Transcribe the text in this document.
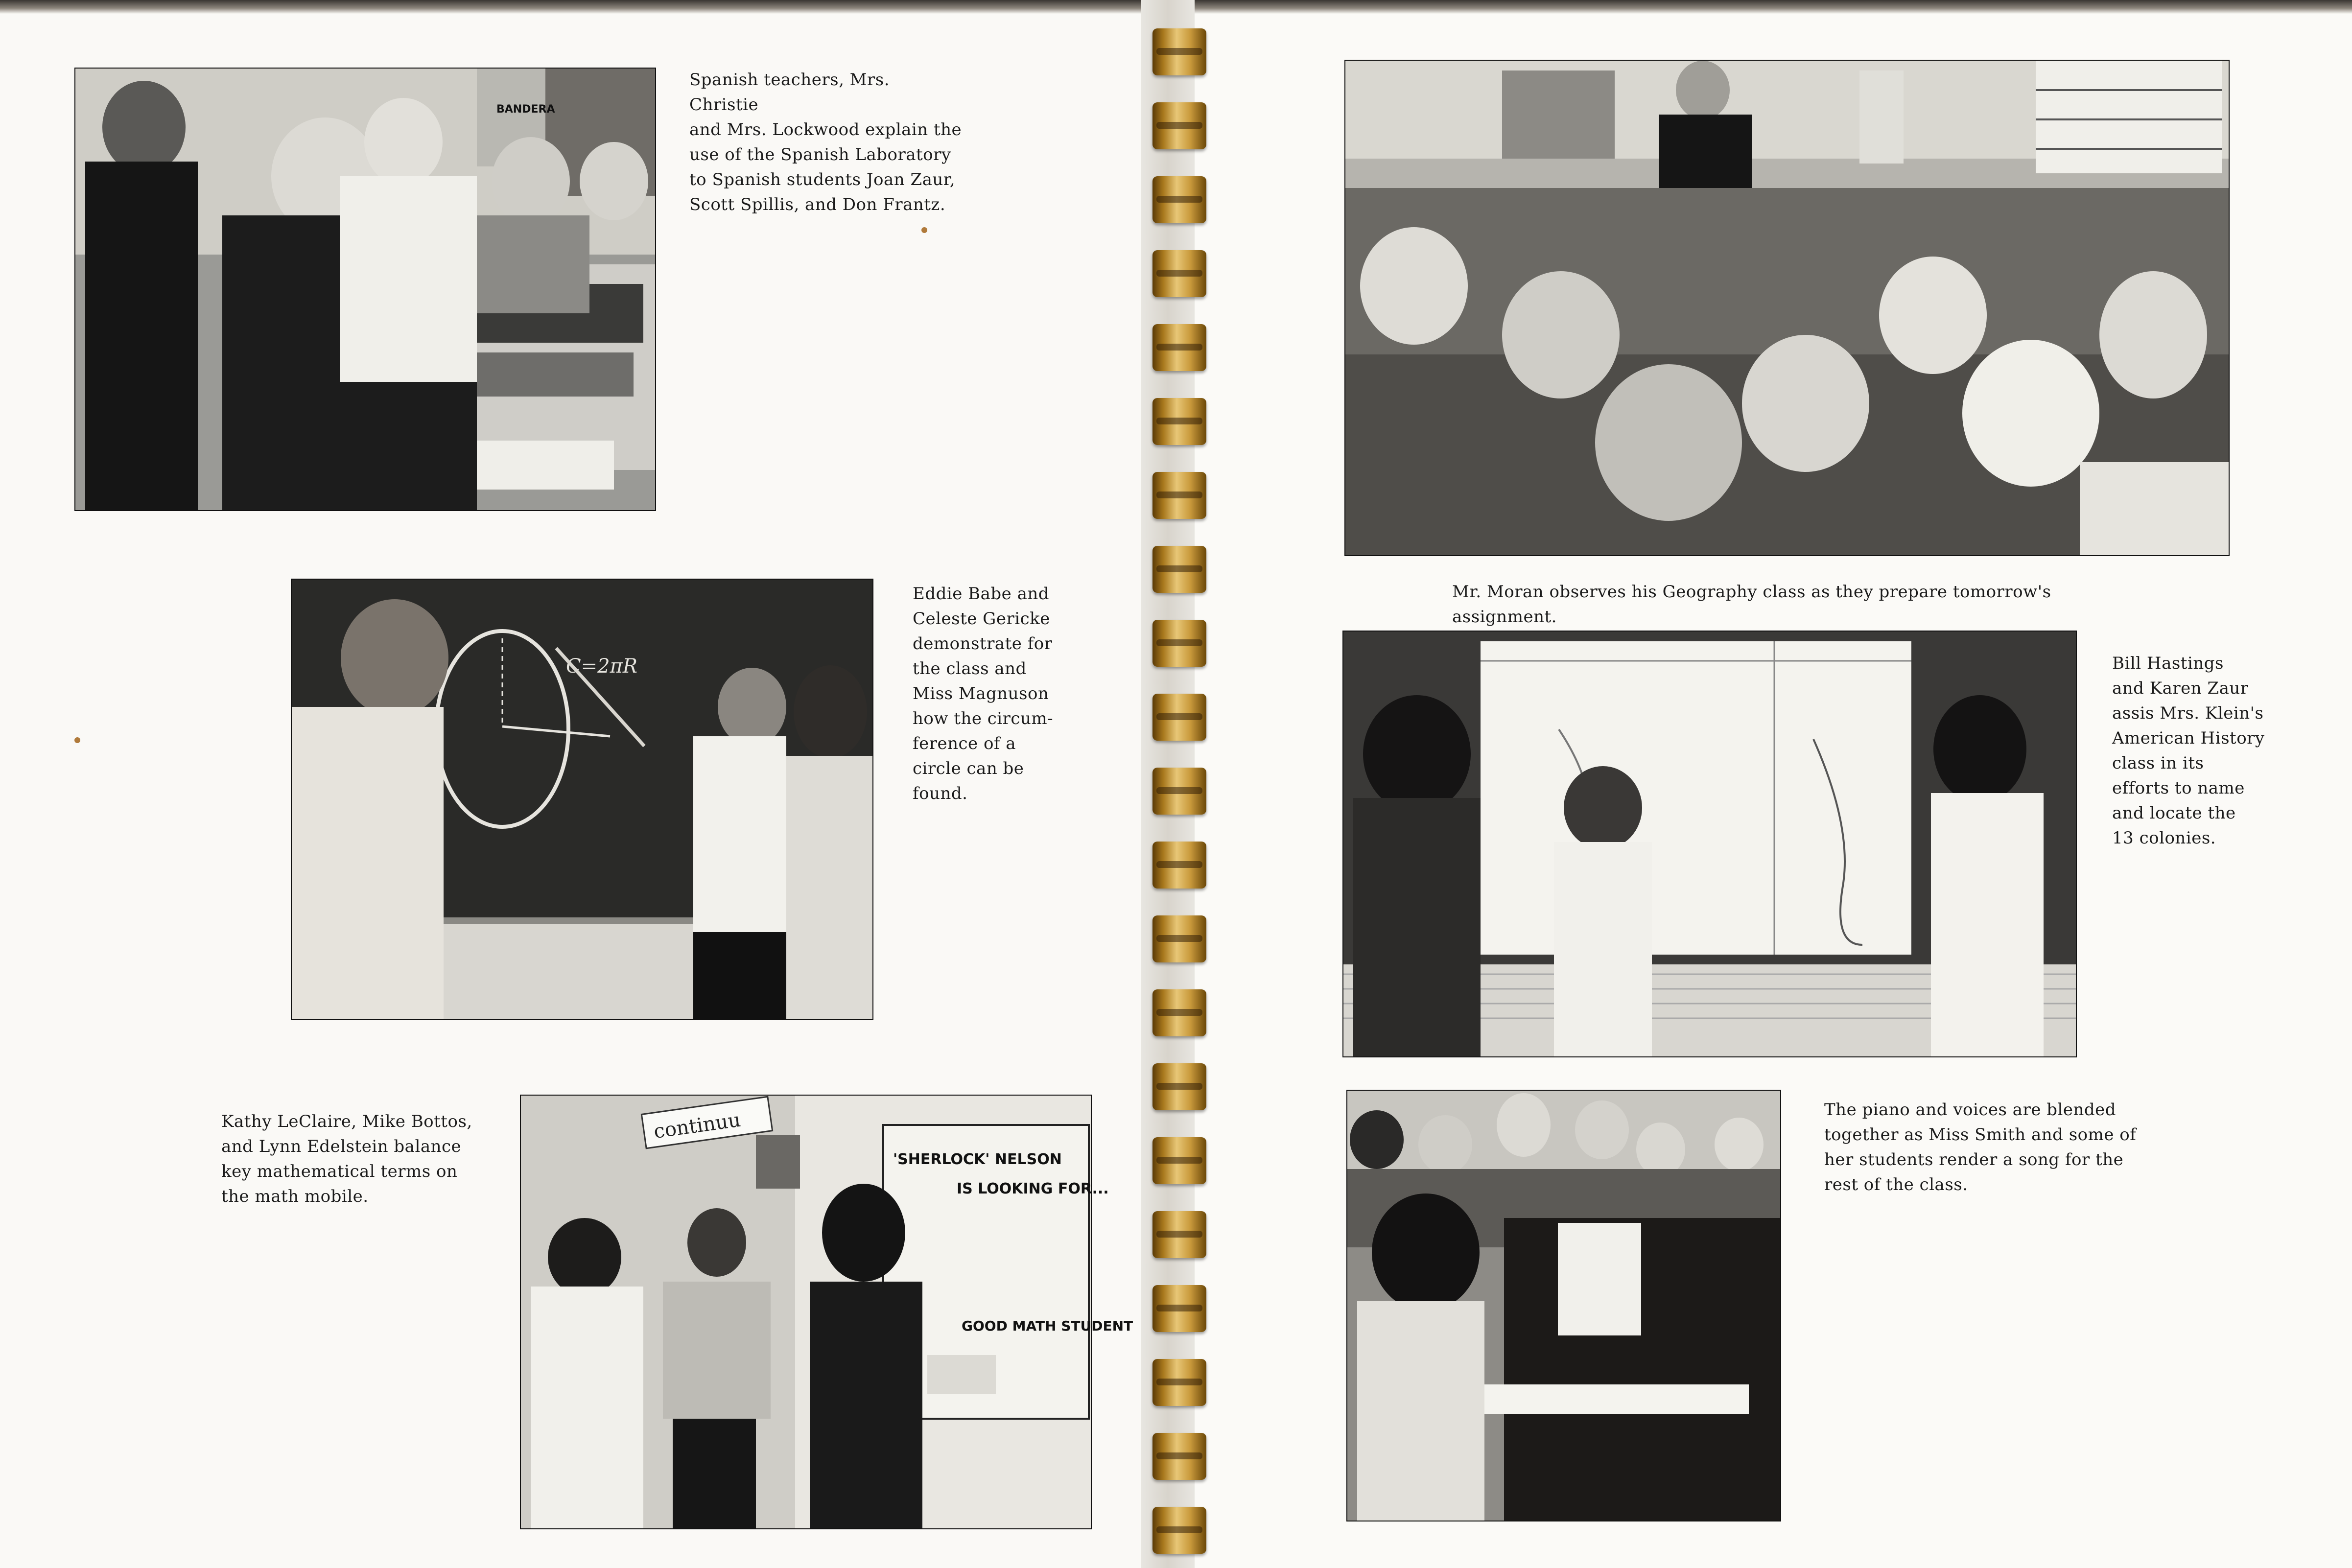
BANDERA

Spanish teachers, Mrs. Christie

and Mrs. Lockwood explain the

use of the Spanish Laboratory

to Spanish students Joan Zaur,

Scott Spillis, and Don Frantz.

C=2πR

Eddie Babe and

Celeste Gericke

demonstrate for

the class and

Miss Magnuson

how the circum-

ference of a

circle can be

found.

Kathy LeClaire, Mike Bottos,

and Lynn Edelstein balance

key mathematical terms on

the math mobile.

'SHERLOCK' NELSON
IS LOOKING FOR...
GOOD MATH STUDENT
continuu

Mr. Moran observes his Geography class as they prepare tomorrow's assignment.

Bill Hastings

and Karen Zaur

assis Mrs. Klein's

American History

class in its

efforts to name

and locate the

13 colonies.

The piano and voices are blended

together as Miss Smith and some of

her students render a song for the

rest of the class.
